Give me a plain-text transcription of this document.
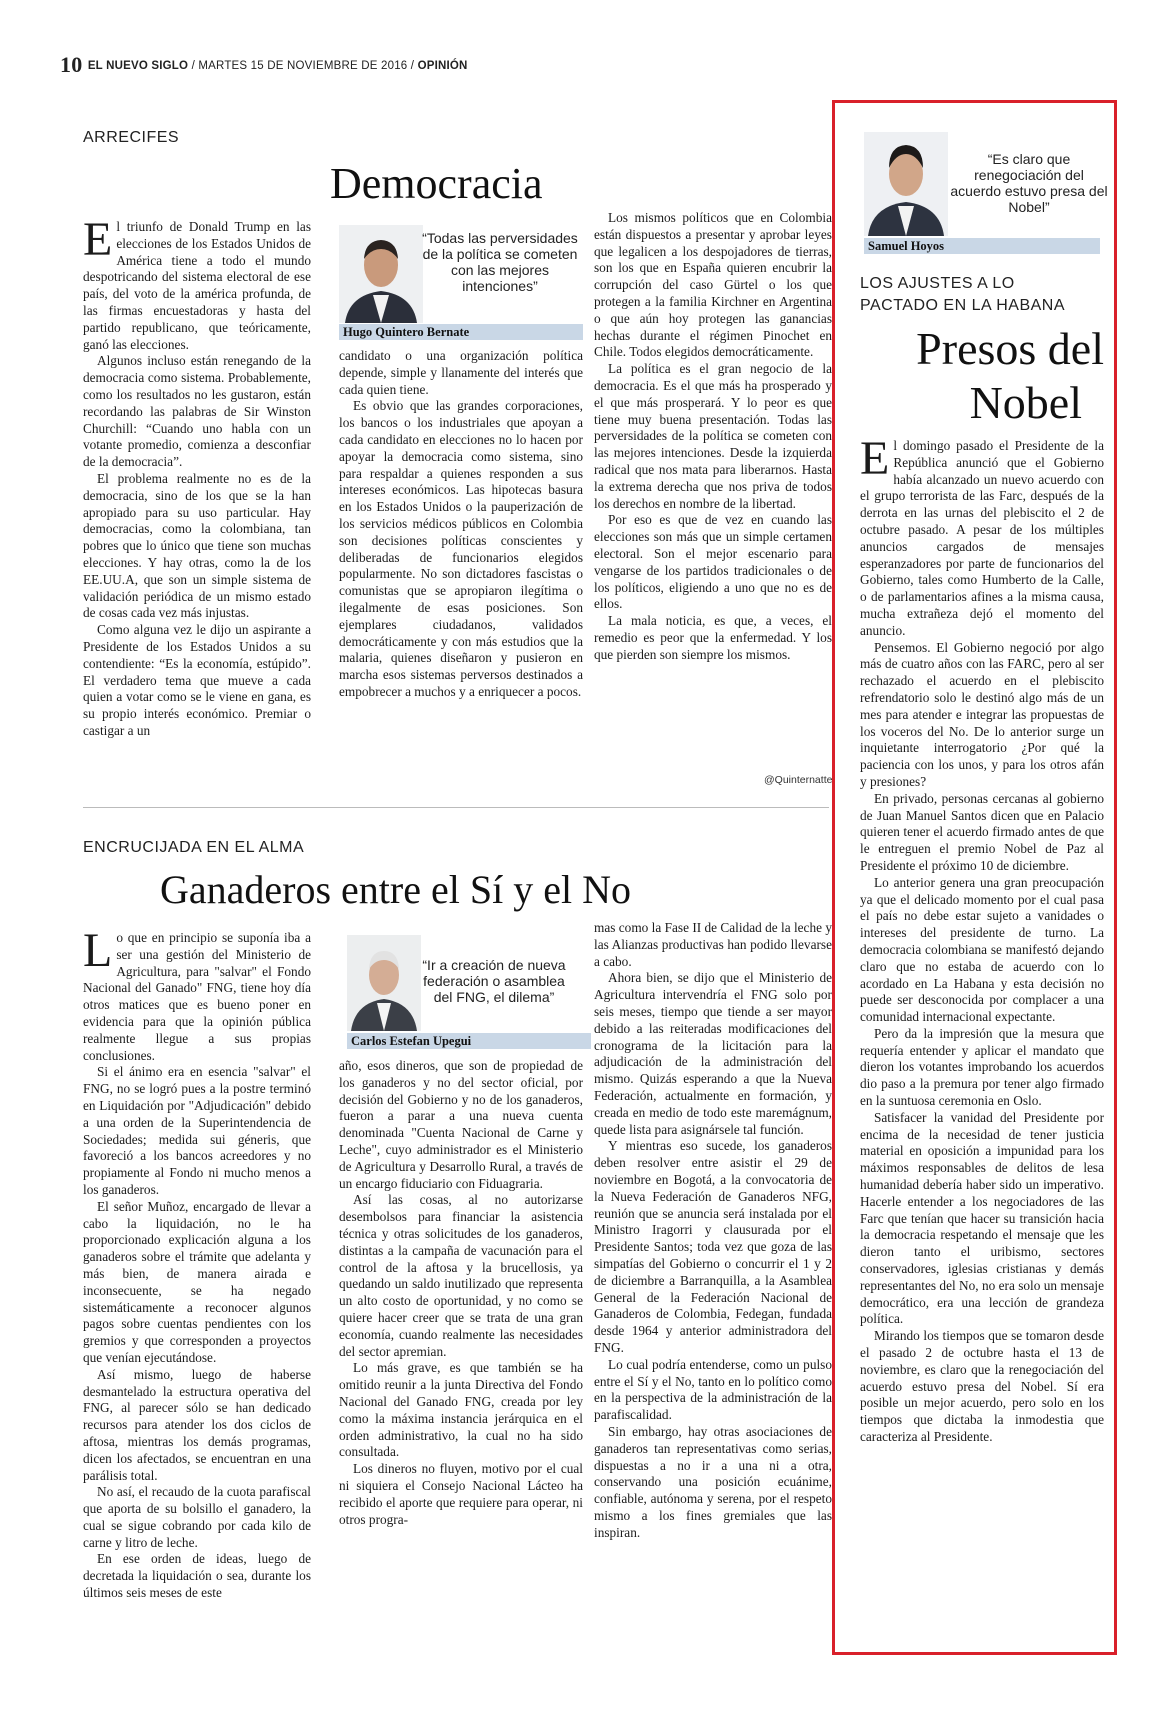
10 EL NUEVO SIGLO / MARTES 15 DE NOVIEMBRE DE 2016 / OPINIÓN
ARRECIFES
Democracia

El triunfo de Donald Trump en las elecciones de los Estados Unidos de América tiene a todo el mundo despotricando del sistema electoral de ese país, del voto de la américa profunda, de las firmas encuestadoras y hasta del partido republicano, que teóricamente, ganó las elecciones.

Algunos incluso están renegando de la democracia como sistema. Probablemente, como los resultados no les gustaron, están recordando las palabras de Sir Winston Churchill: “Cuando uno habla con un votante promedio, comienza a desconfiar de la democracia”.

El problema realmente no es de la democracia, sino de los que se la han apropiado para su uso particular. Hay democracias, como la colombiana, tan pobres que lo único que tiene son muchas elecciones. Y hay otras, como la de los EE.UU.A, que son un simple sistema de validación periódica de un mismo estado de cosas cada vez más injustas.

Como alguna vez le dijo un aspirante a Presidente de los Estados Unidos a su contendiente: “Es la economía, estúpido”. El verdadero tema que mueve a cada quien a votar como se le viene en gana, es su propio interés económico. Premiar o castigar a un

“Todas las perversidades de la política se cometen con las mejores intenciones”
Hugo Quintero Bernate

candidato o una organización política depende, simple y llanamente del interés que cada quien tiene.

Es obvio que las grandes corporaciones, los bancos o los industriales que apoyan a cada candidato en elecciones no lo hacen por apoyar la democracia como sistema, sino para respaldar a quienes responden a sus intereses económicos. Las hipotecas basura en los Estados Unidos o la pauperización de los servicios médicos públicos en Colombia son decisiones políticas conscientes y deliberadas de funcionarios elegidos popularmente. No son dictadores fascistas o comunistas que se apropiaron ilegítima o ilegalmente de esas posiciones. Son ejemplares ciudadanos, validados democráticamente y con más estudios que la malaria, quienes diseñaron y pusieron en marcha esos sistemas perversos destinados a empobrecer a muchos y a enriquecer a pocos.

Los mismos políticos que en Colombia están dispuestos a presentar y aprobar leyes que legalicen a los despojadores de tierras, son los que en España quieren encubrir la corrupción del caso Gürtel o los que protegen a la familia Kirchner en Argentina o que aún hoy protegen las ganancias hechas durante el régimen Pinochet en Chile. Todos elegidos democráticamente.

La política es el gran negocio de la democracia. Es el que más ha prosperado y el que más prosperará. Y lo peor es que tiene muy buena presentación. Todas las perversidades de la política se cometen con las mejores intenciones. Desde la izquierda radical que nos mata para liberarnos. Hasta la extrema derecha que nos priva de todos los derechos en nombre de la libertad.

Por eso es que de vez en cuando las elecciones son más que un simple certamen electoral. Son el mejor escenario para vengarse de los partidos tradicionales o de los políticos, eligiendo a uno que no es de ellos.

La mala noticia, es que, a veces, el remedio es peor que la enfermedad. Y los que pierden son siempre los mismos.

@Quinternatte
ENCRUCIJADA EN EL ALMA
Ganaderos entre el Sí y el No

Lo que en principio se suponía iba a ser una gestión del Ministerio de Agricultura, para "salvar" el Fondo Nacional del Ganado" FNG, tiene hoy día otros matices que es bueno poner en evidencia para que la opinión pública realmente llegue a sus propias conclusiones.

Si el ánimo era en esencia "salvar" el FNG, no se logró pues a la postre terminó en Liquidación por "Adjudicación" debido a una orden de la Superintendencia de Sociedades; medida sui géneris, que favoreció a los bancos acreedores y no propiamente al Fondo ni mucho menos a los ganaderos.

El señor Muñoz, encargado de llevar a cabo la liquidación, no le ha proporcionado explicación alguna a los ganaderos sobre el trámite que adelanta y más bien, de manera airada e inconsecuente, se ha negado sistemáticamente a reconocer algunos pagos sobre cuentas pendientes con los gremios y que corresponden a proyectos que venían ejecutándose.

Así mismo, luego de haberse desmantelado la estructura operativa del FNG, al parecer sólo se han dedicado recursos para atender los dos ciclos de aftosa, mientras los demás programas, dicen los afectados, se encuentran en una parálisis total.

No así, el recaudo de la cuota parafiscal que aporta de su bolsillo el ganadero, la cual se sigue cobrando por cada kilo de carne y litro de leche.

En ese orden de ideas, luego de decretada la liquidación o sea, durante los últimos seis meses de este

“Ir a creación de nueva federación o asamblea del FNG, el dilema”
Carlos Estefan Upegui

año, esos dineros, que son de propiedad de los ganaderos y no del sector oficial, por decisión del Gobierno y no de los ganaderos, fueron a parar a una nueva cuenta denominada "Cuenta Nacional de Carne y Leche", cuyo administrador es el Ministerio de Agricultura y Desarrollo Rural, a través de un encargo fiduciario con Fiduagraria.

Así las cosas, al no autorizarse desembolsos para financiar la asistencia técnica y otras solicitudes de los ganaderos, distintas a la campaña de vacunación para el control de la aftosa y la brucellosis, ya quedando un saldo inutilizado que representa un alto costo de oportunidad, y no como se quiere hacer creer que se trata de una gran economía, cuando realmente las necesidades del sector apremian.

Lo más grave, es que también se ha omitido reunir a la junta Directiva del Fondo Nacional del Ganado FNG, creada por ley como la máxima instancia jerárquica en el orden administrativo, la cual no ha sido consultada.

Los dineros no fluyen, motivo por el cual ni siquiera el Consejo Nacional Lácteo ha recibido el aporte que requiere para operar, ni otros progra-

mas como la Fase II de Calidad de la leche y las Alianzas productivas han podido llevarse a cabo.

Ahora bien, se dijo que el Ministerio de Agricultura intervendría el FNG solo por seis meses, tiempo que tiende a ser mayor debido a las reiteradas modificaciones del cronograma de la licitación para la adjudicación de la administración del mismo. Quizás esperando a que la Nueva Federación, actualmente en formación, y creada en medio de todo este maremágnum, quede lista para asignársele tal función.

Y mientras eso sucede, los ganaderos deben resolver entre asistir el 29 de noviembre en Bogotá, a la convocatoria de la Nueva Federación de Ganaderos NFG, reunión que se anuncia será instalada por el Ministro Iragorri y clausurada por el Presidente Santos; toda vez que goza de las simpatías del Gobierno o concurrir el 1 y 2 de diciembre a Barranquilla, a la Asamblea General de la Federación Nacional de Ganaderos de Colombia, Fedegan, fundada desde 1964 y anterior administradora del FNG.

Lo cual podría entenderse, como un pulso entre el Sí y el No, tanto en lo político como en la perspectiva de la administración de la parafiscalidad.

Sin embargo, hay otras asociaciones de ganaderos tan representativas como serias, dispuestas a no ir a una ni a otra, conservando una posición ecuánime, confiable, autónoma y serena, por el respeto mismo a los fines gremiales que las inspiran.

“Es claro que renegociación del acuerdo estuvo presa del Nobel”
Samuel Hoyos
LOS AJUSTES A LO
PACTADO EN LA HABANA
Presos del
Nobel

El domingo pasado el Presidente de la República anunció que el Gobierno había alcanzado un nuevo acuerdo con el grupo terrorista de las Farc, después de la derrota en las urnas del plebiscito el 2 de octubre pasado. A pesar de los múltiples anuncios cargados de mensajes esperanzadores por parte de funcionarios del Gobierno, tales como Humberto de la Calle, o de parlamentarios afines a la misma causa, mucha extrañeza dejó el momento del anuncio.

Pensemos. El Gobierno negoció por algo más de cuatro años con las FARC, pero al ser rechazado el acuerdo en el plebiscito refrendatorio solo le destinó algo más de un mes para atender e integrar las propuestas de los voceros del No. De lo anterior surge un inquietante interrogatorio ¿Por qué la paciencia con los unos, y para los otros afán y presiones?

En privado, personas cercanas al gobierno de Juan Manuel Santos dicen que en Palacio quieren tener el acuerdo firmado antes de que le entreguen el premio Nobel de Paz al Presidente el próximo 10 de diciembre.

Lo anterior genera una gran preocupación ya que el delicado momento por el cual pasa el país no debe estar sujeto a vanidades o intereses del presidente de turno. La democracia colombiana se manifestó dejando claro que no estaba de acuerdo con lo acordado en La Habana y esta decisión no puede ser desconocida por complacer a una comunidad internacional expectante.

Pero da la impresión que la mesura que requería entender y aplicar el mandato que dieron los votantes improbando los acuerdos dio paso a la premura por tener algo firmado en la suntuosa ceremonia en Oslo.

Satisfacer la vanidad del Presidente por encima de la necesidad de tener justicia material en oposición a impunidad para los máximos responsables de delitos de lesa humanidad debería haber sido un imperativo. Hacerle entender a los negociadores de las Farc que tenían que hacer su transición hacia la democracia respetando el mensaje que les dieron tanto el uribismo, sectores conservadores, iglesias cristianas y demás representantes del No, no era solo un mensaje democrático, era una lección de grandeza política.

Mirando los tiempos que se tomaron desde el pasado 2 de octubre hasta el 13 de noviembre, es claro que la renegociación del acuerdo estuvo presa del Nobel. Sí era posible un mejor acuerdo, pero solo en los tiempos que dictaba la inmodestia que caracteriza al Presidente.
